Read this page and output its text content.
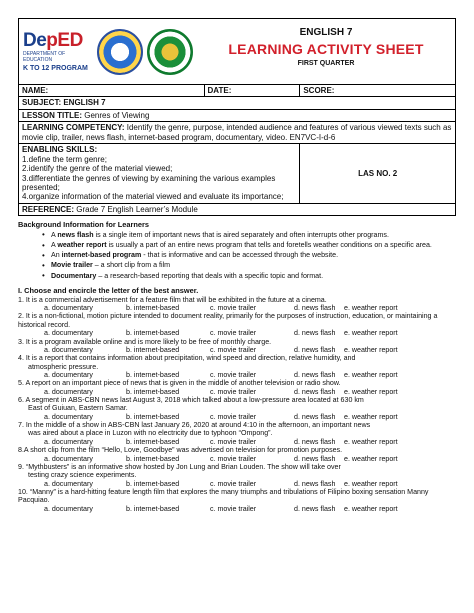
DepED
DEPARTMENT OF EDUCATION
K TO 12 PROGRAM
ENGLISH 7
LEARNING ACTIVITY SHEET
FIRST QUARTER
NAME:	DATE:	SCORE:
SUBJECT: ENGLISH 7		
LESSON TITLE: Genres of Viewing		
LEARNING COMPETENCY: Identify the genre, purpose, intended audience and features of various viewed texts such as movie clip, trailer, news flash, internet-based program, documentary, video. EN7VC-I-d-6		

ENABLING SKILLS:
1.define the term genre;
2.identify the genre of the material viewed;
3.differentiate the genres of viewing by examining the various examples presented;
4.organize information of the material viewed and evaluate its importance;		LAS NO. 2
REFERENCE: Grade 7 English Learner’s Module		
Background Information for Learners
• A news flash is a single item of important news that is aired separately and often interrupts other programs.
• A weather report is usually a part of an entire news program that tells and foretells weather conditions on a specific area.
• An internet-based program - that is informative and can be accessed through the website.
• Movie trailer – a short clip from a film
• Documentary – a research-based reporting that deals with a specific topic and format.
I. Choose and encircle the letter of the best answer.
1. It is a commercial advertisement for a feature film that will be exhibited in the future at a cinema.
a. documentary	b. internet-based	c. movie trailer	d. news flash	e. weather report
2. It is a non-fictional, motion picture intended to document reality, primarily for the purposes of instruction, education, or maintaining a historical record.
a. documentary	b. internet-based	c. movie trailer	d. news flash	e. weather report
3. It is a program available online and is more likely to be free of monthly charge.
a. documentary	b. internet-based	c. movie trailer	d. news flash	e. weather report
4. It is a report that contains information about precipitation, wind speed and direction, relative humidity, and
atmospheric pressure.
a. documentary	b. internet-based	c. movie trailer	d. news flash	e. weather report
5. A report on an important piece of news that is given in the middle of another television or radio show.
a. documentary	b. internet-based	c. movie trailer	d. news flash	e. weather report
6. A segment in ABS-CBN news last August 3, 2018 which talked about a low-pressure area located at 630 km
East of Guiuan, Eastern Samar.
a. documentary	b. internet-based	c. movie trailer	d. news flash	e. weather report
7. In the middle of a show in ABS-CBN last January 26, 2020 at around 4:10 in the afternoon, an important news
was aired about a place in Luzon with no electricity due to typhoon “Ompong”.
a. documentary	b. internet-based	c. movie trailer	d. news flash	e. weather report
8.A short clip from the film “Hello, Love, Goodbye” was advertised on television for promotion purposes.
a. documentary	b. internet-based	c. movie trailer	d. news flash	e. weather report
9. “Mythbusters” is an informative show hosted by Jon Lung and Brian Louden. The show will take over
testing crazy science experiments.
a. documentary	b. internet-based	c. movie trailer	d. news flash	e. weather report
10. “Manny” is a hard-hitting feature length film that explores the many triumphs and tribulations of Filipino boxing sensation Manny Pacquiao.
a. documentary	b. internet-based	c. movie trailer	d. news flash	e. weather report
